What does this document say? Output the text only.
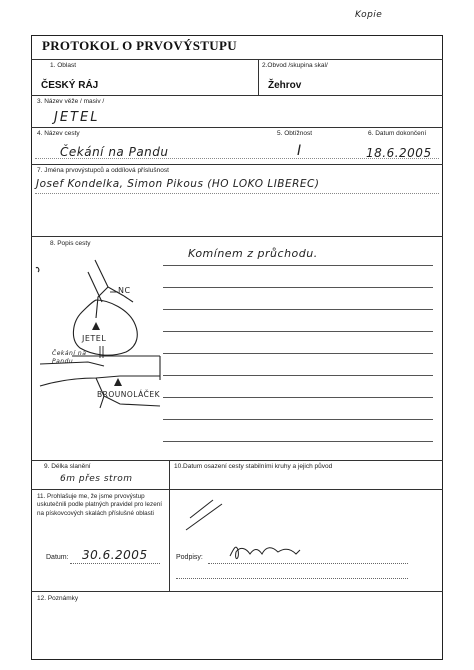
Kopie
PROTOKOL O PRVOVÝSTUPU
1. Oblast
ČESKÝ RÁJ
2.Obvod /skupina skal/
Žehrov
3. Název věže / masiv /
JETEL
4. Název cesty
Čekání na Pandu
5. Obtížnost
I
6. Datum dokončení
18.6.2005
7. Jména prvovýstupců a oddílová příslušnost
Josef Kondelka, Simon Pikous (HO LOKO LIBEREC)
8. Popis cesty
Komínem z průchodu.
NC
JETEL
Čekání na Pandu
BROUNOLÁČEK
9. Délka slanění
6m přes strom
10.Datum osazení cesty stabilními kruhy a jejich původ
11. Prohlašuje me, že jsme prvovýstup uskutečnili podle platných pravidel pro lezení na pískovcových skalách příslušné oblasti
Datum: 30.6.2005	Podpisy:
12. Poznámky
